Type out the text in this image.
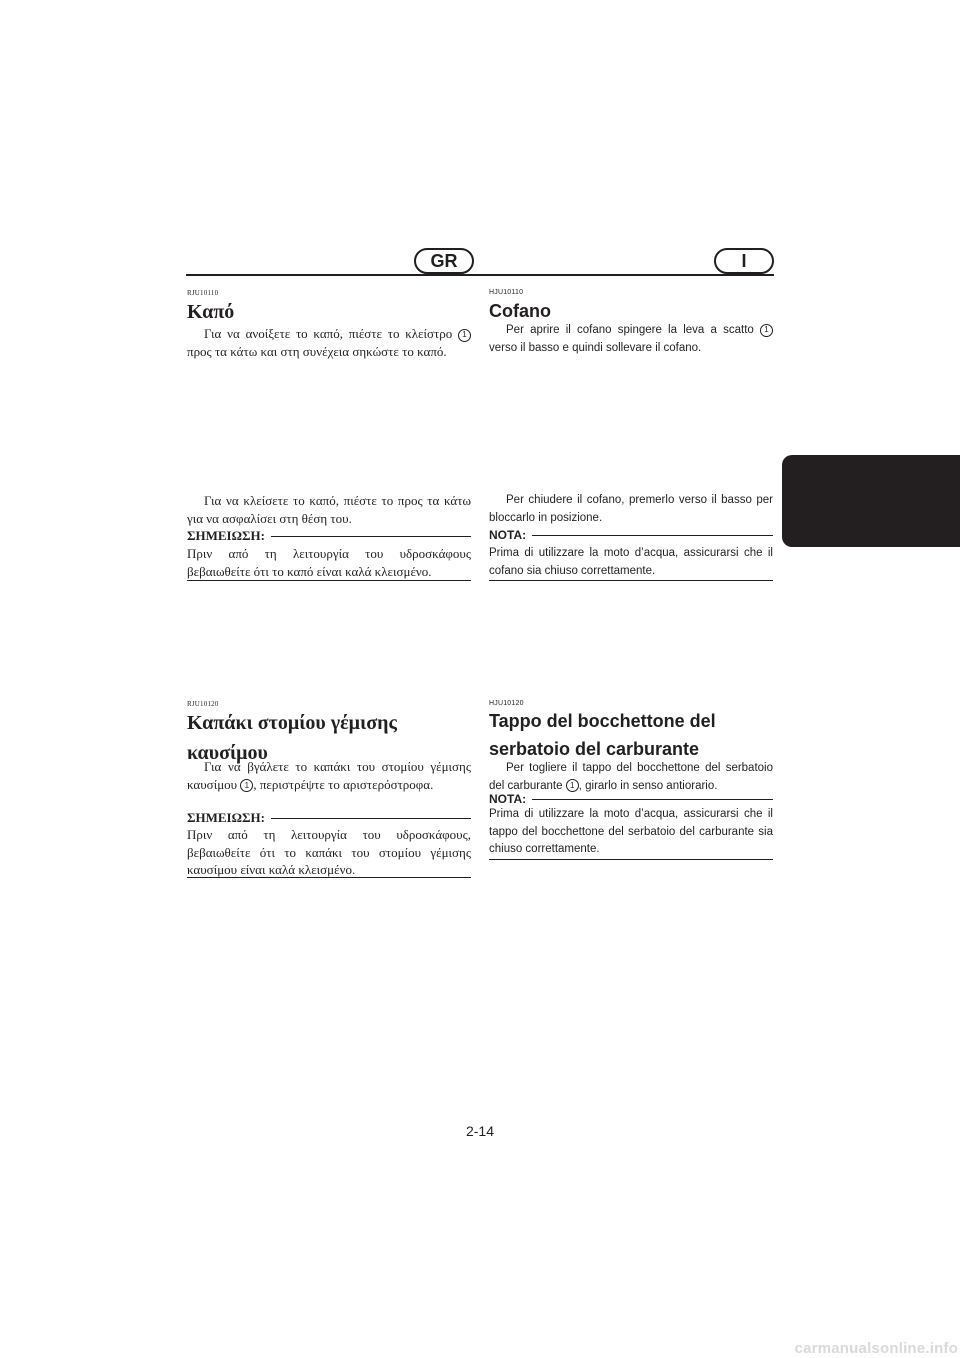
GR	I
RJU10110
Καπό
Για να ανοίξετε το καπό, πιέστε το κλείστρο 1 προς τα κάτω και στη συνέχεια σηκώστε το καπό.
Για να κλείσετε το καπό, πιέστε το προς τα κάτω για να ασφαλίσει στη θέση του.
ΣΗΜΕΙΩΣΗ:
Πριν από τη λειτουργία του υδροσκάφους βεβαιωθείτε ότι το καπό είναι καλά κλεισμένο.
RJU10120
Καπάκι στομίου γέμισης
καυσίμου
Για να βγάλετε το καπάκι του στομίου γέμισης καυσίμου 1 , περιστρέψτε το αριστερόστροφα.
ΣΗΜΕΙΩΣΗ:
Πριν από τη λειτουργία του υδροσκάφους, βεβαιωθείτε ότι το καπάκι του στομίου γέμισης καυσίμου είναι καλά κλεισμένο.
HJU10110
Cofano
Per aprire il cofano spingere la leva a scatto 1 verso il basso e quindi sollevare il cofano.
Per chiudere il cofano, premerlo verso il basso per bloccarlo in posizione.
NOTA:
Prima di utilizzare la moto d’acqua, assicurarsi che il cofano sia chiuso correttamente.
HJU10120
Tappo del bocchettone del
serbatoio del carburante
Per togliere il tappo del bocchettone del serbatoio del carburante 1 , girarlo in senso antiorario.
NOTA:
Prima di utilizzare la moto d’acqua, assicurarsi che il tappo del bocchettone del serbatoio del carburante sia chiuso correttamente.
2-14
carmanualsonline.info
